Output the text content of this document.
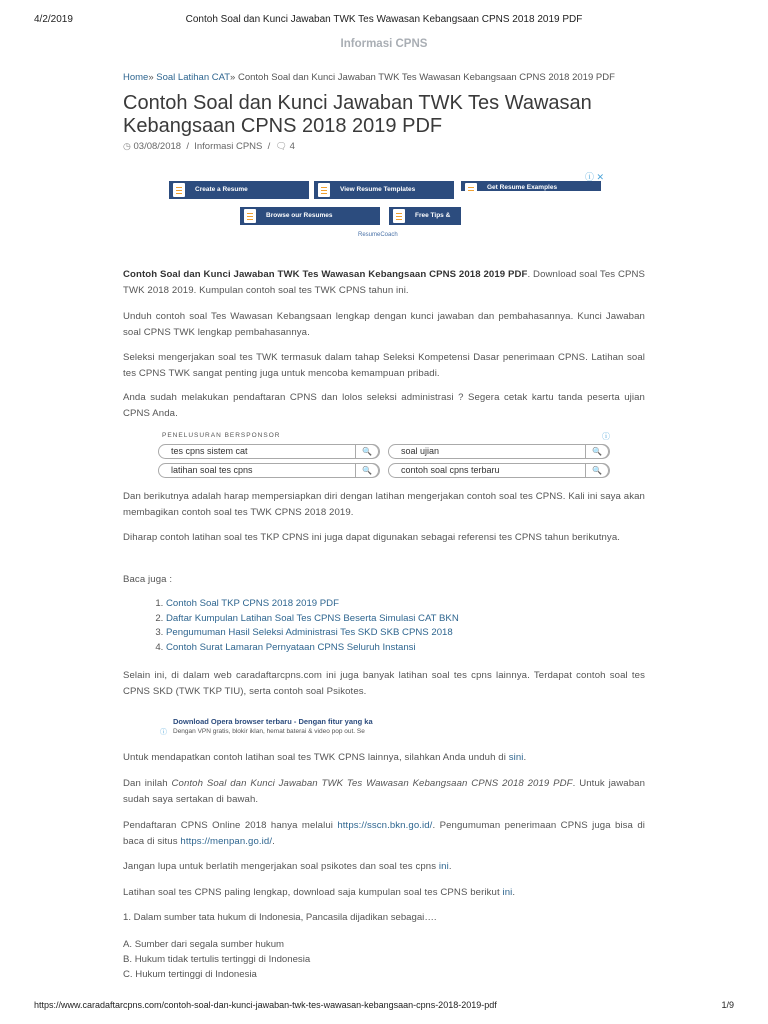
4/2/2019	Contoh Soal dan Kunci Jawaban TWK Tes Wawasan Kebangsaan CPNS 2018 2019 PDF
Informasi CPNS
Home» Soal Latihan CAT» Contoh Soal dan Kunci Jawaban TWK Tes Wawasan Kebangsaan CPNS 2018 2019 PDF
Contoh Soal dan Kunci Jawaban TWK Tes Wawasan Kebangsaan CPNS 2018 2019 PDF
◷ 03/08/2018 / Informasi CPNS / 🗨 4
Create a Resume	View Resume Templates	Get Resume Examples
Browse our Resumes	Free Tips &
ⓘ ✕
ResumeCoach

Contoh Soal dan Kunci Jawaban TWK Tes Wawasan Kebangsaan CPNS 2018 2019 PDF. Download soal Tes CPNS TWK 2018 2019. Kumpulan contoh soal tes TWK CPNS tahun ini.

Unduh contoh soal Tes Wawasan Kebangsaan lengkap dengan kunci jawaban dan pembahasannya. Kunci Jawaban soal CPNS TWK lengkap pembahasannya.

Seleksi mengerjakan soal tes TWK termasuk dalam tahap Seleksi Kompetensi Dasar penerimaan CPNS. Latihan soal tes CPNS TWK sangat penting juga untuk mencoba kemampuan pribadi.

Anda sudah melakukan pendaftaran CPNS dan lolos seleksi administrasi ? Segera cetak kartu tanda peserta ujian CPNS Anda.

PENELUSURAN BERSPONSOR	ⓘ
tes cpns sistem cat	🔍	soal ujian	🔍
latihan soal tes cpns	🔍	contoh soal cpns terbaru	🔍

Dan berikutnya adalah harap mempersiapkan diri dengan latihan mengerjakan contoh soal tes CPNS. Kali ini saya akan membagikan contoh soal tes TWK CPNS 2018 2019.

Diharap contoh latihan soal tes TKP CPNS ini juga dapat digunakan sebagai referensi tes CPNS tahun berikutnya.

Baca juga :

1. Contoh Soal TKP CPNS 2018 2019 PDF
2. Daftar Kumpulan Latihan Soal Tes CPNS Beserta Simulasi CAT BKN
3. Pengumuman Hasil Seleksi Administrasi Tes SKD SKB CPNS 2018
4. Contoh Surat Lamaran Pernyataan CPNS Seluruh Instansi

Selain ini, di dalam web caradaftarcpns.com ini juga banyak latihan soal tes cpns lainnya. Terdapat contoh soal tes CPNS SKD (TWK TKP TIU), serta contoh soal Psikotes.

ⓘ
Download Opera browser terbaru - Dengan fitur yang ka
Dengan VPN gratis, blokir iklan, hemat baterai & video pop out. Se

Untuk mendapatkan contoh latihan soal tes TWK CPNS lainnya, silahkan Anda unduh di sini.

Dan inilah Contoh Soal dan Kunci Jawaban TWK Tes Wawasan Kebangsaan CPNS 2018 2019 PDF. Untuk jawaban sudah saya sertakan di bawah.

Pendaftaran CPNS Online 2018 hanya melalui https://sscn.bkn.go.id/. Pengumuman penerimaan CPNS juga bisa di baca di situs https://menpan.go.id/.

Jangan lupa untuk berlatih mengerjakan soal psikotes dan soal tes cpns ini.

Latihan soal tes CPNS paling lengkap, download saja kumpulan soal tes CPNS berikut ini.

1. Dalam sumber tata hukum di Indonesia, Pancasila dijadikan sebagai….
A. Sumber dari segala sumber hukum
B. Hukum tidak tertulis tertinggi di Indonesia
C. Hukum tertinggi di Indonesia
https://www.caradaftarcpns.com/contoh-soal-dan-kunci-jawaban-twk-tes-wawasan-kebangsaan-cpns-2018-2019-pdf	1/9
